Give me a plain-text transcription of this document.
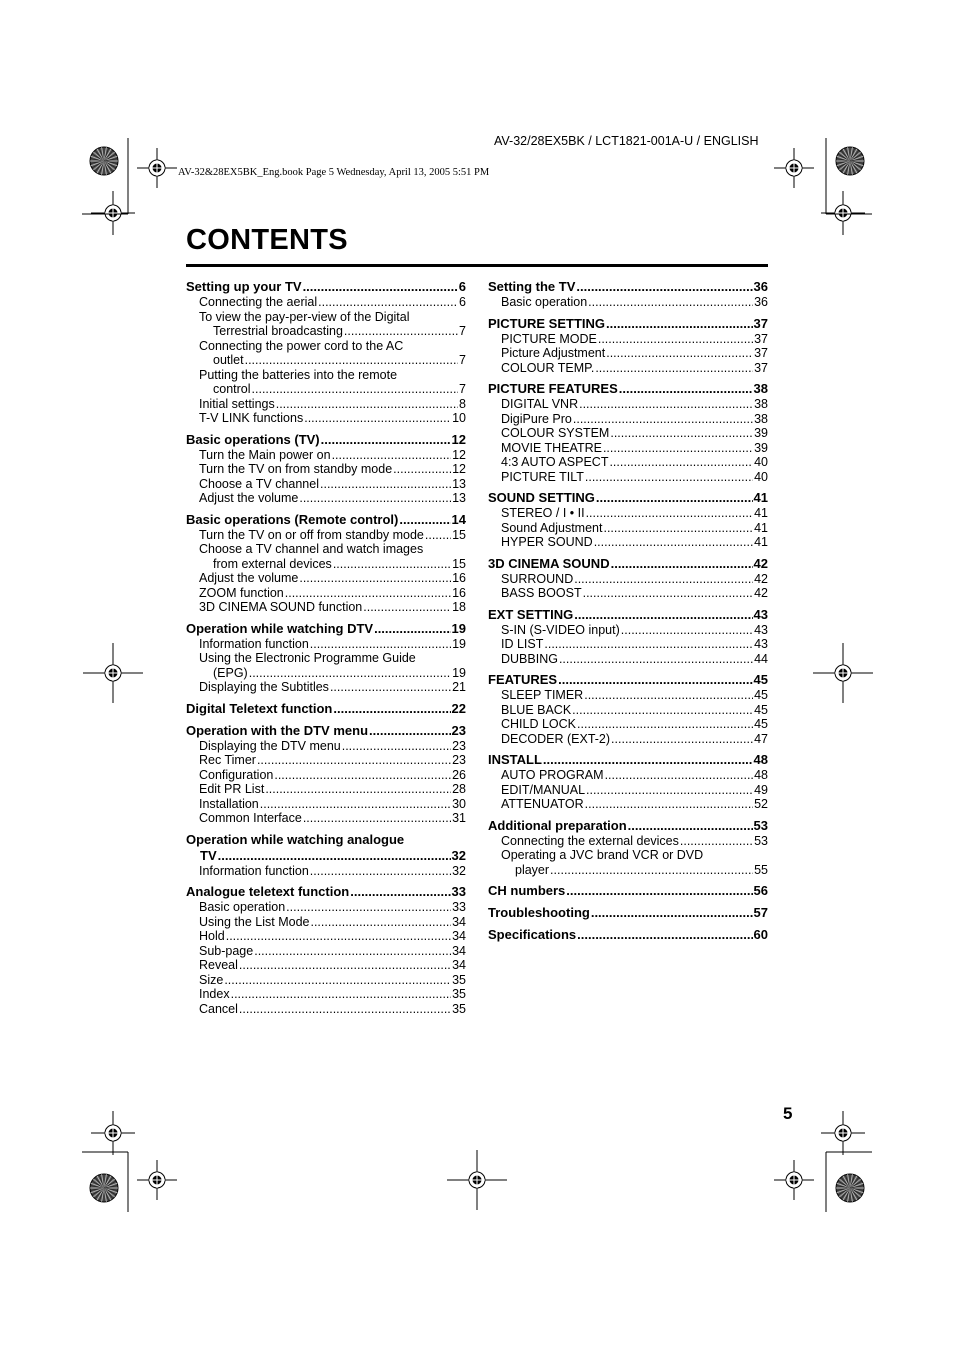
AV-32/28EX5BK / LCT1821-001A-U / ENGLISH
AV-32&28EX5BK_Eng.book Page 5 Wednesday, April 13, 2005 5:51 PM
CONTENTS
Setting up your TV .....	6
Connecting the aerial .....	6
To view the pay-per-view of the Digital
Terrestrial broadcasting .....	7
Connecting the power cord to the AC
outlet .....	7
Putting the batteries into the remote
control .....	7
Initial settings .....	8
T-V LINK functions .....	10
Basic operations (TV) .....	12
Turn the Main power on .....	12
Turn the TV on from standby mode .....	12
Choose a TV channel .....	13
Adjust the volume .....	13
Basic operations (Remote control) .....	14
Turn the TV on or off from standby mode ..... 15
Choose a TV channel and watch images
from external devices .....	15
Adjust the volume .....	16
ZOOM function .....	16
3D CINEMA SOUND function .....	18
Operation while watching DTV .....	19
Information function .....	19
Using the Electronic Programme Guide
(EPG) .....	19
Displaying the Subtitles .....	21
Digital Teletext function .....	22
Operation with the DTV menu .....	23
Displaying the DTV menu .....	23
Rec Timer .....	23
Configuration .....	26
Edit PR List .....	28
Installation .....	30
Common Interface .....	31
Operation while watching analogue
TV .....	32
Information function .....	32
Analogue teletext function .....	33
Basic operation .....	33
Using the List Mode .....	34
Hold .....	34
Sub-page .....	34
Reveal .....	34
Size .....	35
Index .....	35
Cancel .....	35
Setting the TV .....	36
Basic operation .....	36
PICTURE SETTING .....	37
PICTURE MODE .....	37
Picture Adjustment .....	37
COLOUR TEMP. .....	37
PICTURE FEATURES .....	38
DIGITAL VNR .....	38
DigiPure Pro .....	38
COLOUR SYSTEM .....	39
MOVIE THEATRE .....	39
4:3 AUTO ASPECT .....	40
PICTURE TILT .....	40
SOUND SETTING .....	41
STEREO / I • II .....	41
Sound Adjustment .....	41
HYPER SOUND .....	41
3D CINEMA SOUND .....	42
SURROUND .....	42
BASS BOOST .....	42
EXT SETTING .....	43
S-IN (S-VIDEO input) .....	43
ID LIST .....	43
DUBBING .....	44
FEATURES .....	45
SLEEP TIMER .....	45
BLUE BACK .....	45
CHILD LOCK .....	45
DECODER (EXT-2) .....	47
INSTALL .....	48
AUTO PROGRAM .....	48
EDIT/MANUAL .....	49
ATTENUATOR .....	52
Additional preparation .....	53
Connecting the external devices .....	53
Operating a JVC brand VCR or DVD
player .....	55
CH numbers .....	56
Troubleshooting .....	57
Specifications .....	60
5
